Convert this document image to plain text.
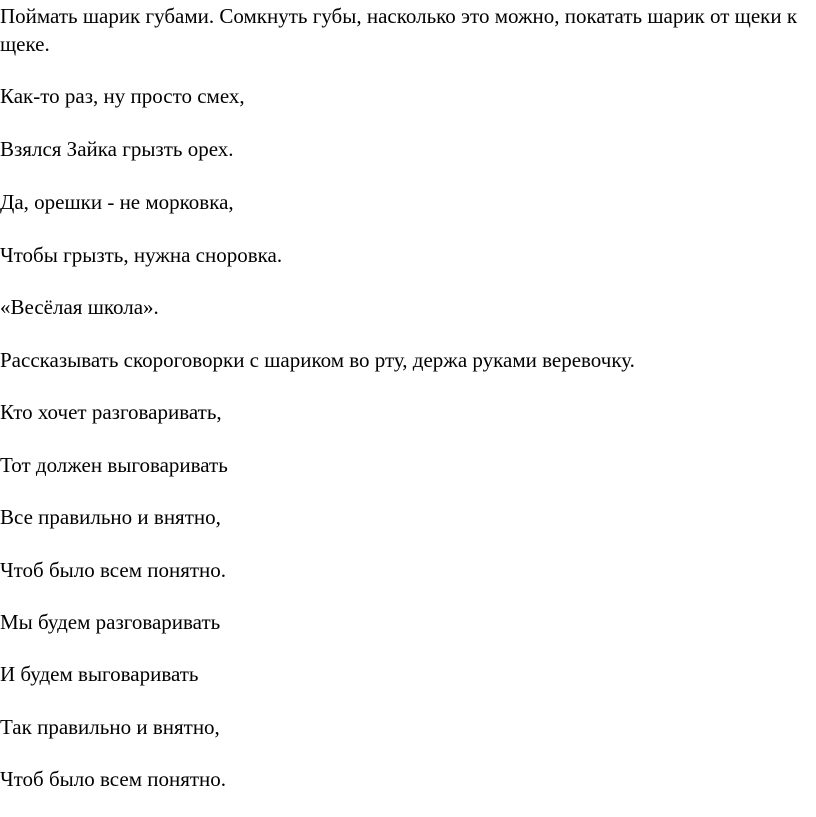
Поймать шарик губами. Сомкнуть губы, насколько это можно, покатать шарик от щеки к щеке.

Как-то раз, ну просто смех,

Взялся Зайка грызть орех.

Да, орешки - не морковка,

Чтобы грызть, нужна сноровка.

«Весёлая школа».

Рассказывать скороговорки с шариком во рту, держа руками веревочку.

Кто хочет разговаривать,

Тот должен выговаривать

Все правильно и внятно,

Чтоб было всем понятно.

Мы будем разговаривать

И будем выговаривать

Так правильно и внятно,

Чтоб было всем понятно.
